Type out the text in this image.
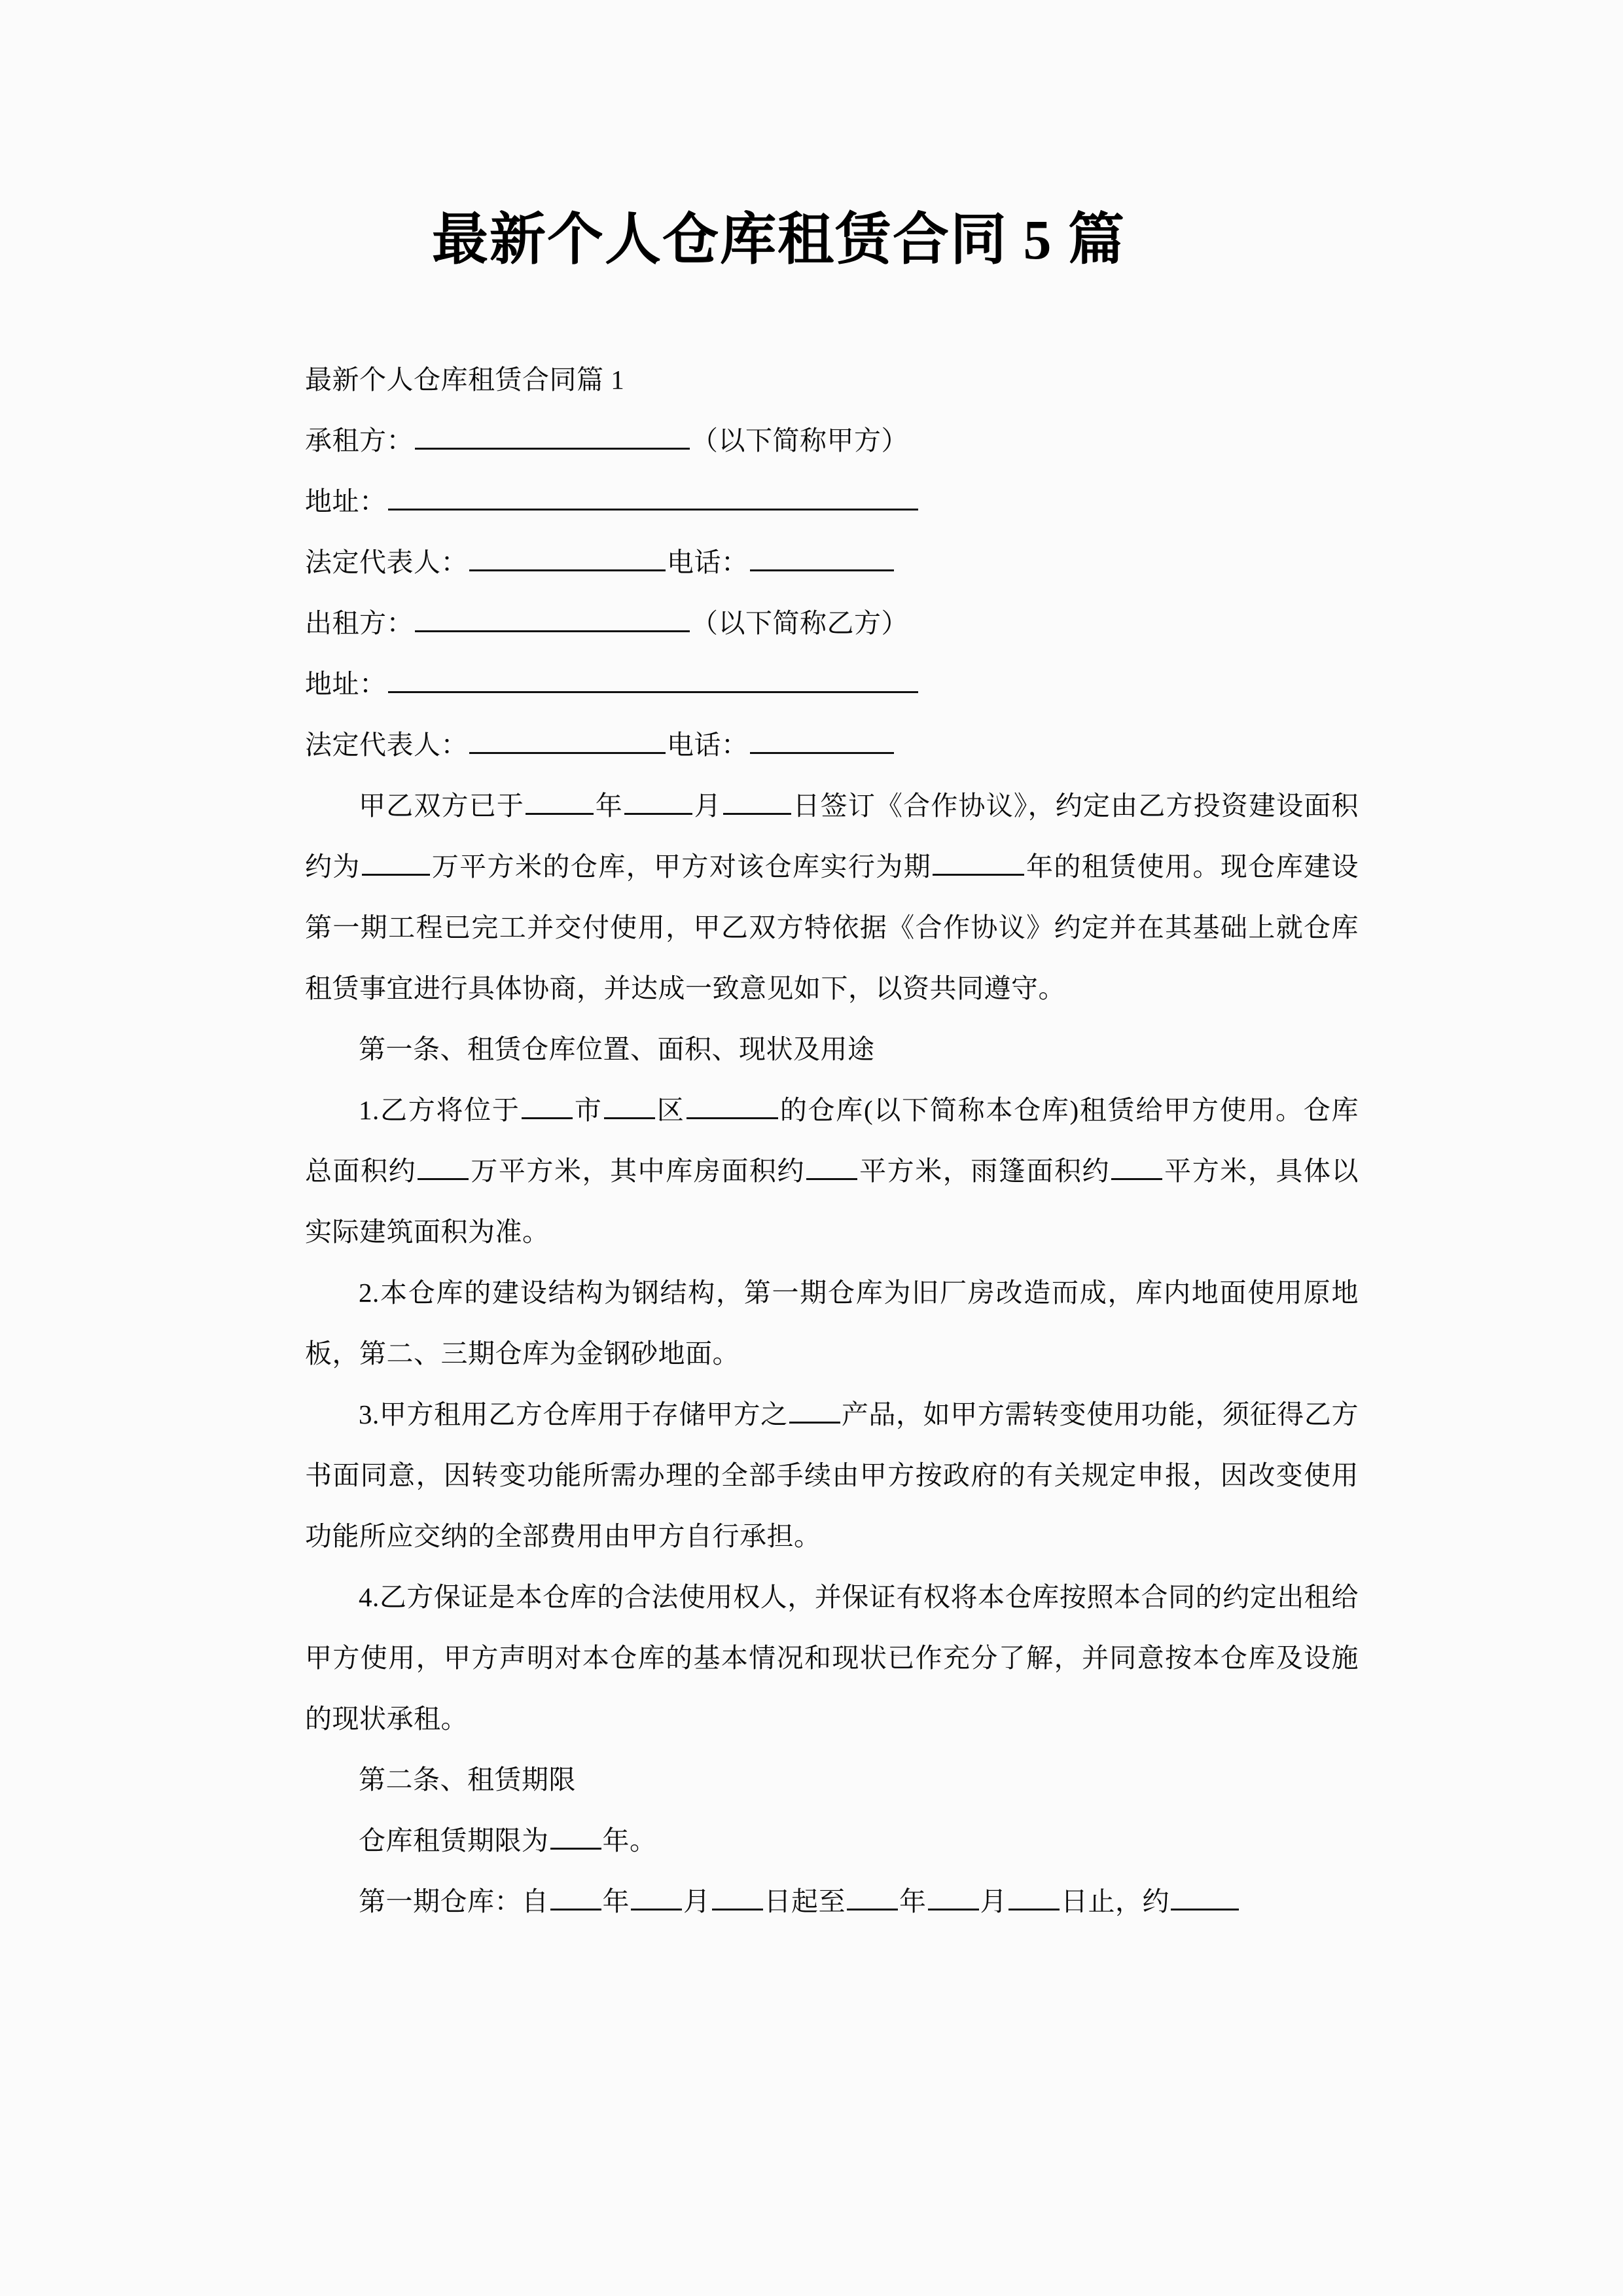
最新个人仓库租赁合同 5 篇
最新个人仓库租赁合同篇 1
承租方：	（以下简称甲方）
地址：
法定代表人：	电话：
出租方：	（以下简称乙方）
地址：
法定代表人：	电话：
甲乙双方已于	年	月	日签订《合作协议》，约定由乙方投资建设面积约为	万平方米的仓库，甲方对该仓库实行为期	年的租赁使用。现仓库建设第一期工程已完工并交付使用，甲乙双方特依据《合作协议》约定并在其基础上就仓库租赁事宜进行具体协商，并达成一致意见如下，以资共同遵守。
第一条、租赁仓库位置、面积、现状及用途
1.乙方将位于 市 区	的仓库(以下简称本仓库)租赁给甲方使用。仓库总面积约 万平方米，其中库房面积约 平方米，雨篷面积约 平方米，具体以实际建筑面积为准。
2.本仓库的建设结构为钢结构，第一期仓库为旧厂房改造而成，库内地面使用原地板，第二、三期仓库为金钢砂地面。
3.甲方租用乙方仓库用于存储甲方之 产品，如甲方需转变使用功能，须征得乙方书面同意，因转变功能所需办理的全部手续由甲方按政府的有关规定申报，因改变使用功能所应交纳的全部费用由甲方自行承担。
4.乙方保证是本仓库的合法使用权人，并保证有权将本仓库按照本合同的约定出租给甲方使用，甲方声明对本仓库的基本情况和现状已作充分了解，并同意按本仓库及设施的现状承租。
第二条、租赁期限
仓库租赁期限为 年。
第一期仓库：自 年 月 日起至 年 月 日止，约
